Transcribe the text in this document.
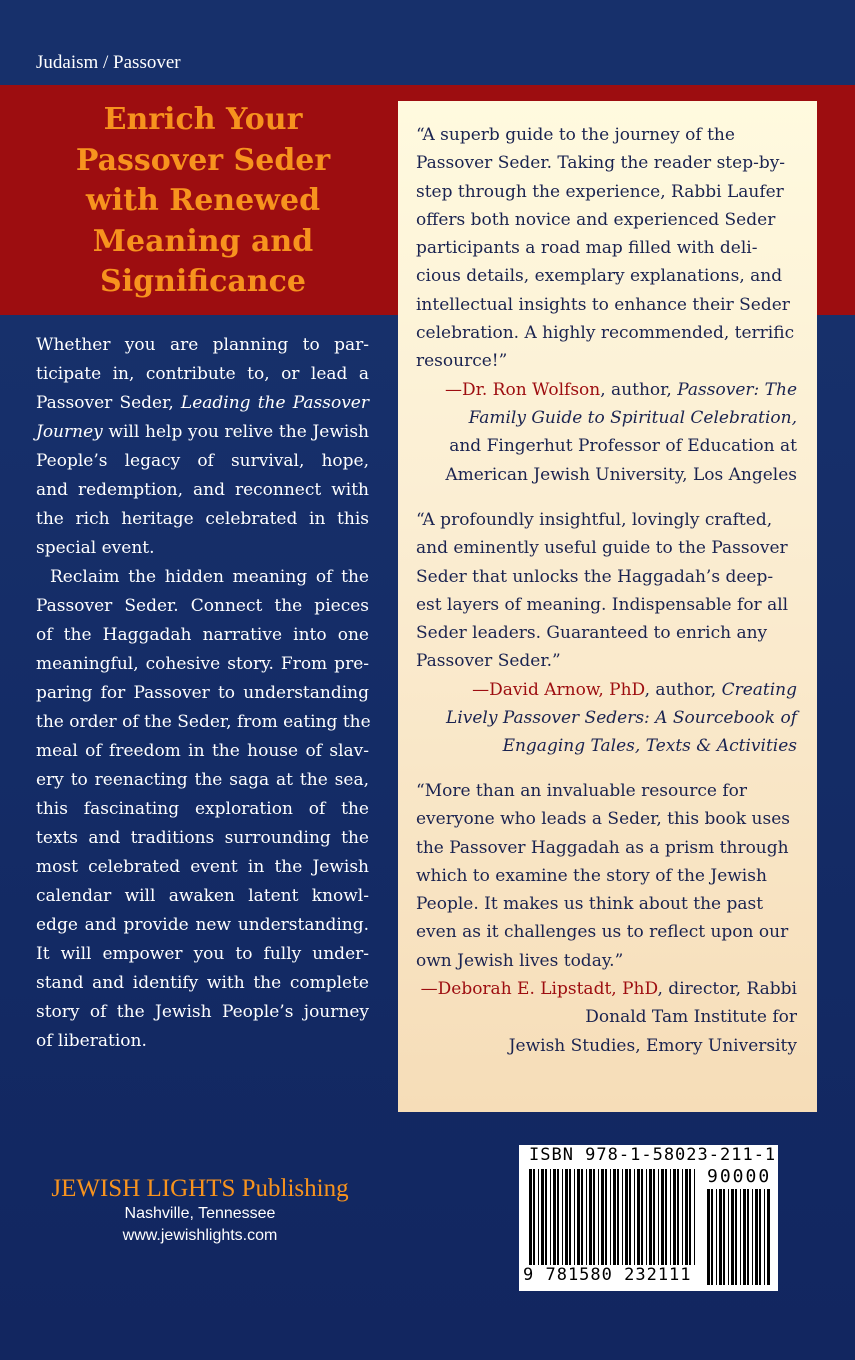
Judaism / Passover
Enrich Your
Passover Seder
with Renewed
Meaning and
Significance
Whether you are planning to par-
ticipate in, contribute to, or lead a
Passover Seder, Leading the Passover
Journey will help you relive the Jewish
People’s legacy of survival, hope,
and redemption, and reconnect with
the rich heritage celebrated in this
special event.
Reclaim the hidden meaning of the
Passover Seder. Connect the pieces
of the Haggadah narrative into one
meaningful, cohesive story. From pre-
paring for Passover to understanding
the order of the Seder, from eating the
meal of freedom in the house of slav-
ery to reenacting the saga at the sea,
this fascinating exploration of the
texts and traditions surrounding the
most celebrated event in the Jewish
calendar will awaken latent knowl-
edge and provide new understanding.
It will empower you to fully under-
stand and identify with the complete
story of the Jewish People’s journey
of liberation.
“A superb guide to the journey of the
Passover Seder. Taking the reader step-by-
step through the experience, Rabbi Laufer
offers both novice and experienced Seder
participants a road map filled with deli-
cious details, exemplary explanations, and
intellectual insights to enhance their Seder
celebration. A highly recommended, terrific
resource!”
—Dr. Ron Wolfson, author, Passover: The
Family Guide to Spiritual Celebration,
and Fingerhut Professor of Education at
American Jewish University, Los Angeles
“A profoundly insightful, lovingly crafted,
and eminently useful guide to the Passover
Seder that unlocks the Haggadah’s deep-
est layers of meaning. Indispensable for all
Seder leaders. Guaranteed to enrich any
Passover Seder.”
—David Arnow, PhD, author, Creating
Lively Passover Seders: A Sourcebook of
Engaging Tales, Texts & Activities
“More than an invaluable resource for
everyone who leads a Seder, this book uses
the Passover Haggadah as a prism through
which to examine the story of the Jewish
People. It makes us think about the past
even as it challenges us to reflect upon our
own Jewish lives today.”
—Deborah E. Lipstadt, PhD, director, Rabbi
Donald Tam Institute for
Jewish Studies, Emory University
ISBN 978-1-58023-211-1
90000
9 781580 232111
JEWISH LIGHTS Publishing
Nashville, Tennessee
www.jewishlights.com
